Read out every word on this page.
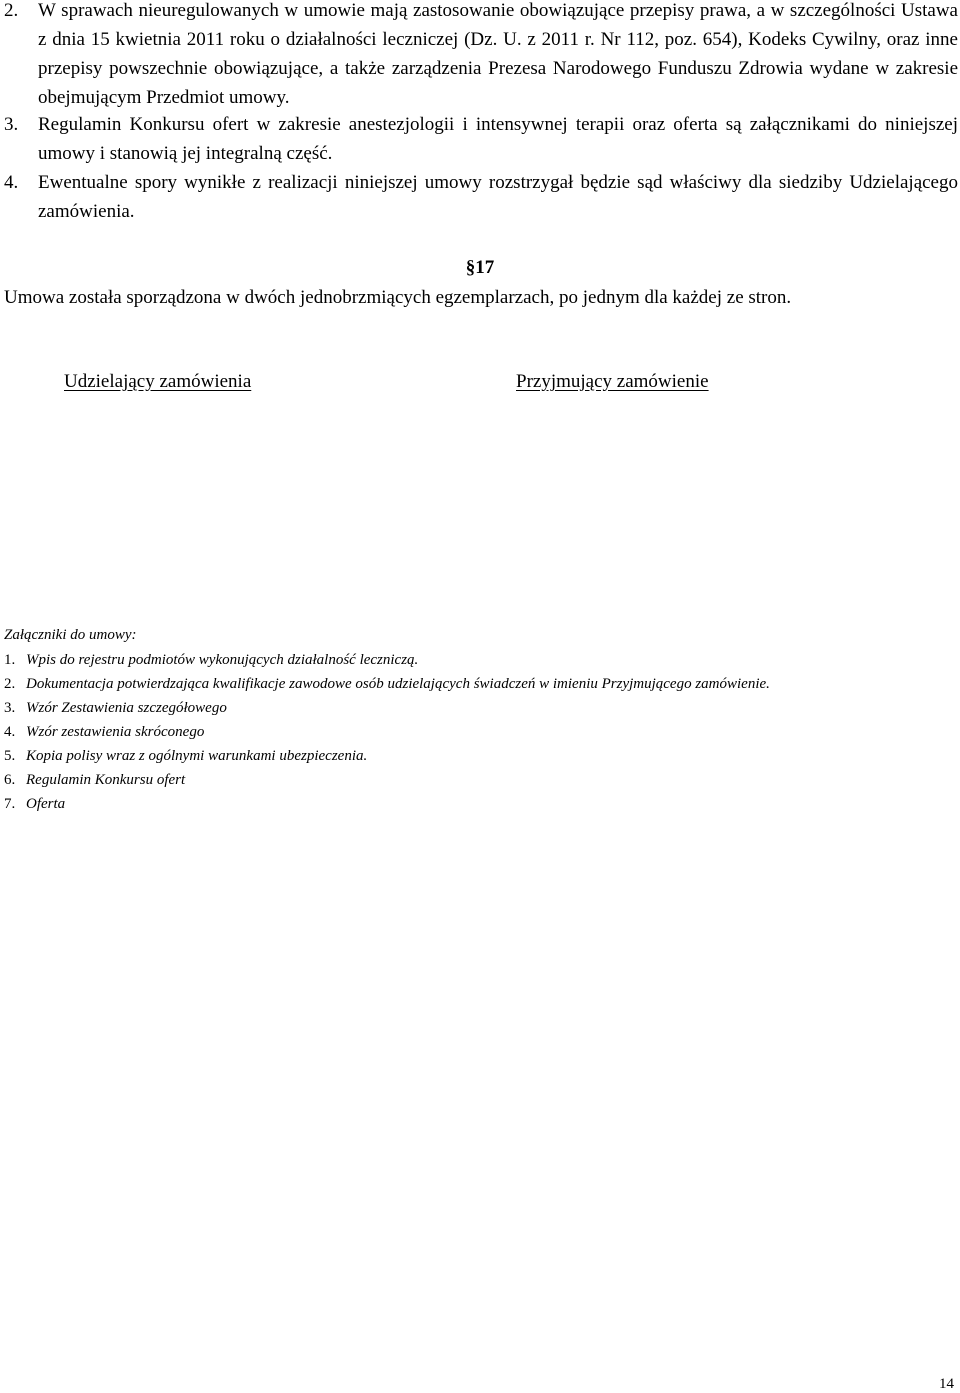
2.	W sprawach nieuregulowanych w umowie mają zastosowanie obowiązujące przepisy prawa, a w szczególności Ustawa z dnia 15 kwietnia 2011 roku o działalności leczniczej (Dz. U. z 2011 r. Nr 112, poz. 654), Kodeks Cywilny, oraz inne przepisy powszechnie obowiązujące, a także zarządzenia Prezesa Narodowego Funduszu Zdrowia wydane w zakresie obejmującym Przedmiot umowy.
3.	Regulamin Konkursu ofert w zakresie anestezjologii i intensywnej terapii oraz oferta są załącznikami do niniejszej umowy i stanowią jej integralną część.
4.	Ewentualne spory wynikłe z realizacji niniejszej umowy rozstrzygał będzie sąd właściwy dla siedziby Udzielającego zamówienia.
§17
Umowa została sporządzona w dwóch jednobrzmiących egzemplarzach, po jednym dla każdej ze stron.
Udzielający zamówienia	Przyjmujący zamówienie
Załączniki do umowy:
1. Wpis do rejestru podmiotów wykonujących działalność leczniczą.
2. Dokumentacja potwierdzająca kwalifikacje zawodowe osób udzielających świadczeń w imieniu Przyjmującego zamówienie.
3. Wzór Zestawienia szczegółowego
4. Wzór zestawienia skróconego
5. Kopia polisy wraz z ogólnymi warunkami ubezpieczenia.
6. Regulamin Konkursu ofert
7. Oferta
14
